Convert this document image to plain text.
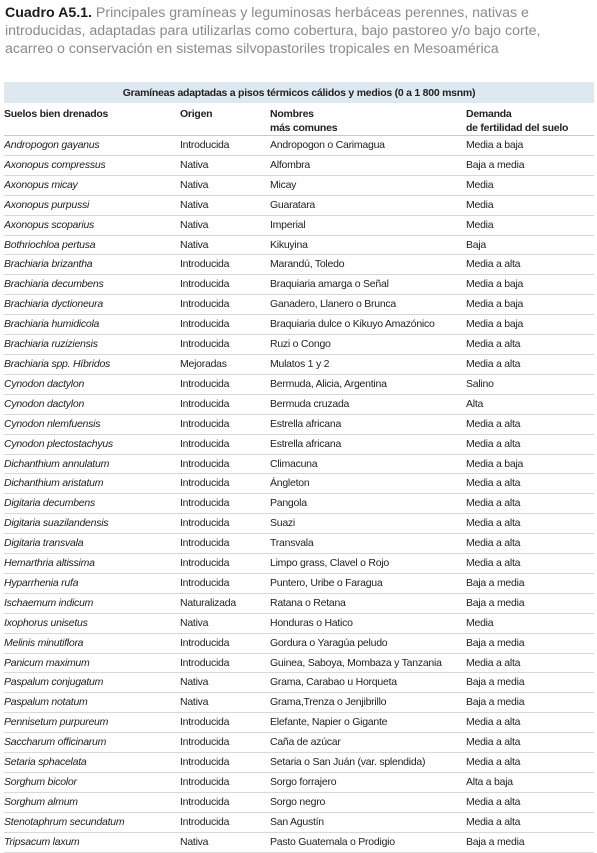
Cuadro A5.1. Principales gramíneas y leguminosas herbáceas perennes, nativas e introducidas, adaptadas para utilizarlas como cobertura, bajo pastoreo y/o bajo corte, acarreo o conservación en sistemas silvopastoriles tropicales en Mesoamérica

Gramíneas adaptadas a pisos térmicos cálidos y medios (0 a 1 800 msnm)
Suelos bien drenados	Origen	Nombres
más comunes	Demanda
de fertilidad del suelo
Andropogon gayanus	Introducida	Andropogon o Carimagua	Media a baja
Axonopus compressus	Nativa	Alfombra	Baja a media
Axonopus micay	Nativa	Micay	Media
Axonopus purpussi	Nativa	Guaratara	Media
Axonopus scoparius	Nativa	Imperial	Media
Bothriochloa pertusa	Nativa	Kikuyina	Baja
Brachiaria brizantha	Introducida	Marandú, Toledo	Media a alta
Brachiaria decumbens	Introducida	Braquiaria amarga o Señal	Media a baja
Brachiaria dyctioneura	Introducida	Ganadero, Llanero o Brunca	Media a baja
Brachiaria humidicola	Introducida	Braquiaria dulce o Kikuyo Amazónico	Media a baja
Brachiaria ruziziensis	Introducida	Ruzi o Congo	Media a alta
Brachiaria spp. Híbridos	Mejoradas	Mulatos 1 y 2	Media a alta
Cynodon dactylon	Introducida	Bermuda, Alicia, Argentina	Salino
Cynodon dactylon	Introducida	Bermuda cruzada	Alta
Cynodon nlemfuensis	Introducida	Estrella africana	Media a alta
Cynodon plectostachyus	Introducida	Estrella africana	Media a alta
Dichanthium annulatum	Introducida	Climacuna	Media a baja
Dichanthium aristatum	Introducida	Ángleton	Media a alta
Digitaria decumbens	Introducida	Pangola	Media a alta
Digitaria suazilandensis	Introducida	Suazi	Media a alta
Digitaria transvala	Introducida	Transvala	Media a alta
Hemarthria altissima	Introducida	Limpo grass, Clavel o Rojo	Media a alta
Hyparrhenia rufa	Introducida	Puntero, Uribe o Faragua	Baja a media
Ischaemum indicum	Naturalizada	Ratana o Retana	Baja a media
Ixophorus unisetus	Nativa	Honduras o Hatico	Media
Melinis minutiflora	Introducida	Gordura o Yaragúa peludo	Baja a media
Panicum maximum	Introducida	Guinea, Saboya, Mombaza y Tanzania	Media a alta
Paspalum conjugatum	Nativa	Grama, Carabao u Horqueta	Baja a media
Paspalum notatum	Nativa	Grama,Trenza o Jenjibrillo	Baja a media
Pennisetum purpureum	Introducida	Elefante, Napier o Gigante	Media a alta
Saccharum officinarum	Introducida	Caña de azúcar	Media a alta
Setaria sphacelata	Introducida	Setaria o San Juán (var. splendida)	Media a alta
Sorghum bicolor	Introducida	Sorgo forrajero	Alta a baja
Sorghum almum	Introducida	Sorgo negro	Media a alta
Stenotaphrum secundatum	Introducida	San Agustín	Media a alta
Tripsacum laxum	Nativa	Pasto Guatemala o Prodigio	Baja a media
